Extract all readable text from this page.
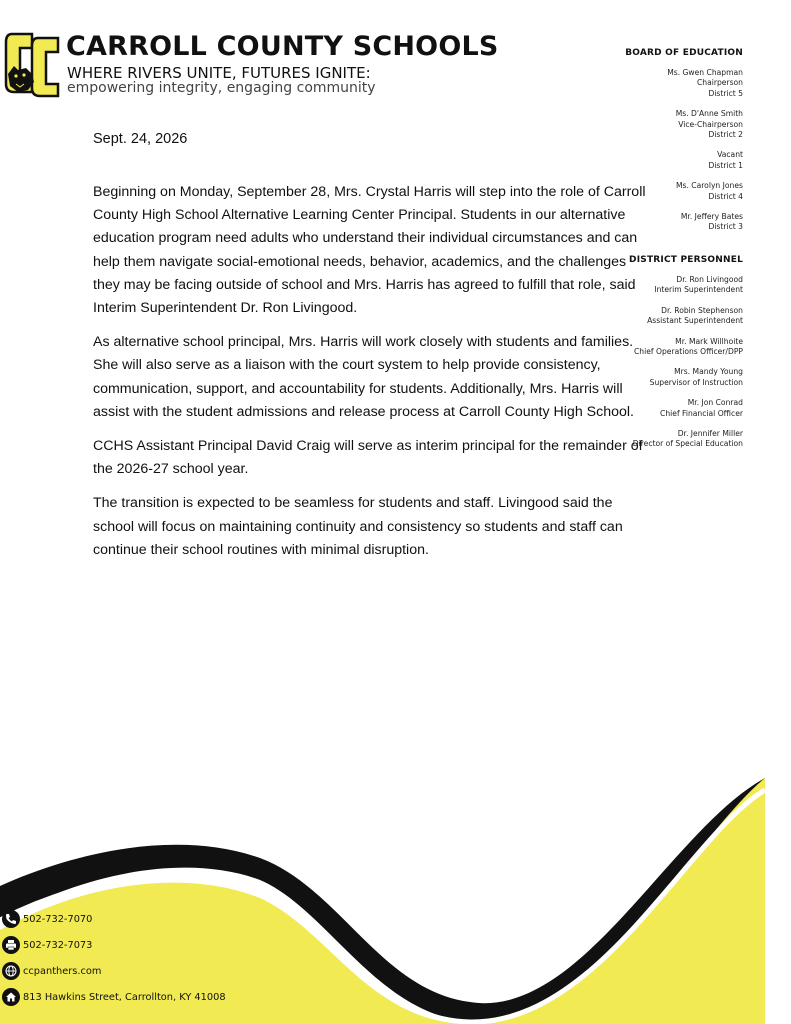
CARROLL COUNTY SCHOOLS
WHERE RIVERS UNITE, FUTURES IGNITE:
empowering integrity, engaging community
Sept. 24, 2026

Beginning on Monday, September 28, Mrs. Crystal Harris will step into the role of Carroll County High School Alternative Learning Center Principal. Students in our alternative education program need adults who understand their individual circumstances and can help them navigate social-emotional needs, behavior, academics, and the challenges they may be facing outside of school and Mrs. Harris has agreed to fulfill that role, said Interim Superintendent Dr. Ron Livingood.

As alternative school principal, Mrs. Harris will work closely with students and families. She will also serve as a liaison with the court system to help provide consistency, communication, support, and accountability for students. Additionally, Mrs. Harris will assist with the student admissions and release process at Carroll County High School.

CCHS Assistant Principal David Craig will serve as interim principal for the remainder of the 2026-27 school year.

The transition is expected to be seamless for students and staff. Livingood said the school will focus on maintaining continuity and consistency so students and staff can continue their school routines with minimal disruption.

BOARD OF EDUCATION
Ms. Gwen Chapman
Chairperson
District 5
Ms. D'Anne Smith
Vice-Chairperson
District 2
Vacant
District 1
Ms. Carolyn Jones
District 4
Mr. Jeffery Bates
District 3
DISTRICT PERSONNEL
Dr. Ron Livingood
Interim Superintendent
Dr. Robin Stephenson
Assistant Superintendent
Mr. Mark Willhoite
Chief Operations Officer/DPP
Mrs. Mandy Young
Supervisor of Instruction
Mr. Jon Conrad
Chief Financial Officer
Dr. Jennifer Miller
Director of Special Education
502-732-7070
502-732-7073
ccpanthers.com
813 Hawkins Street, Carrollton, KY 41008
